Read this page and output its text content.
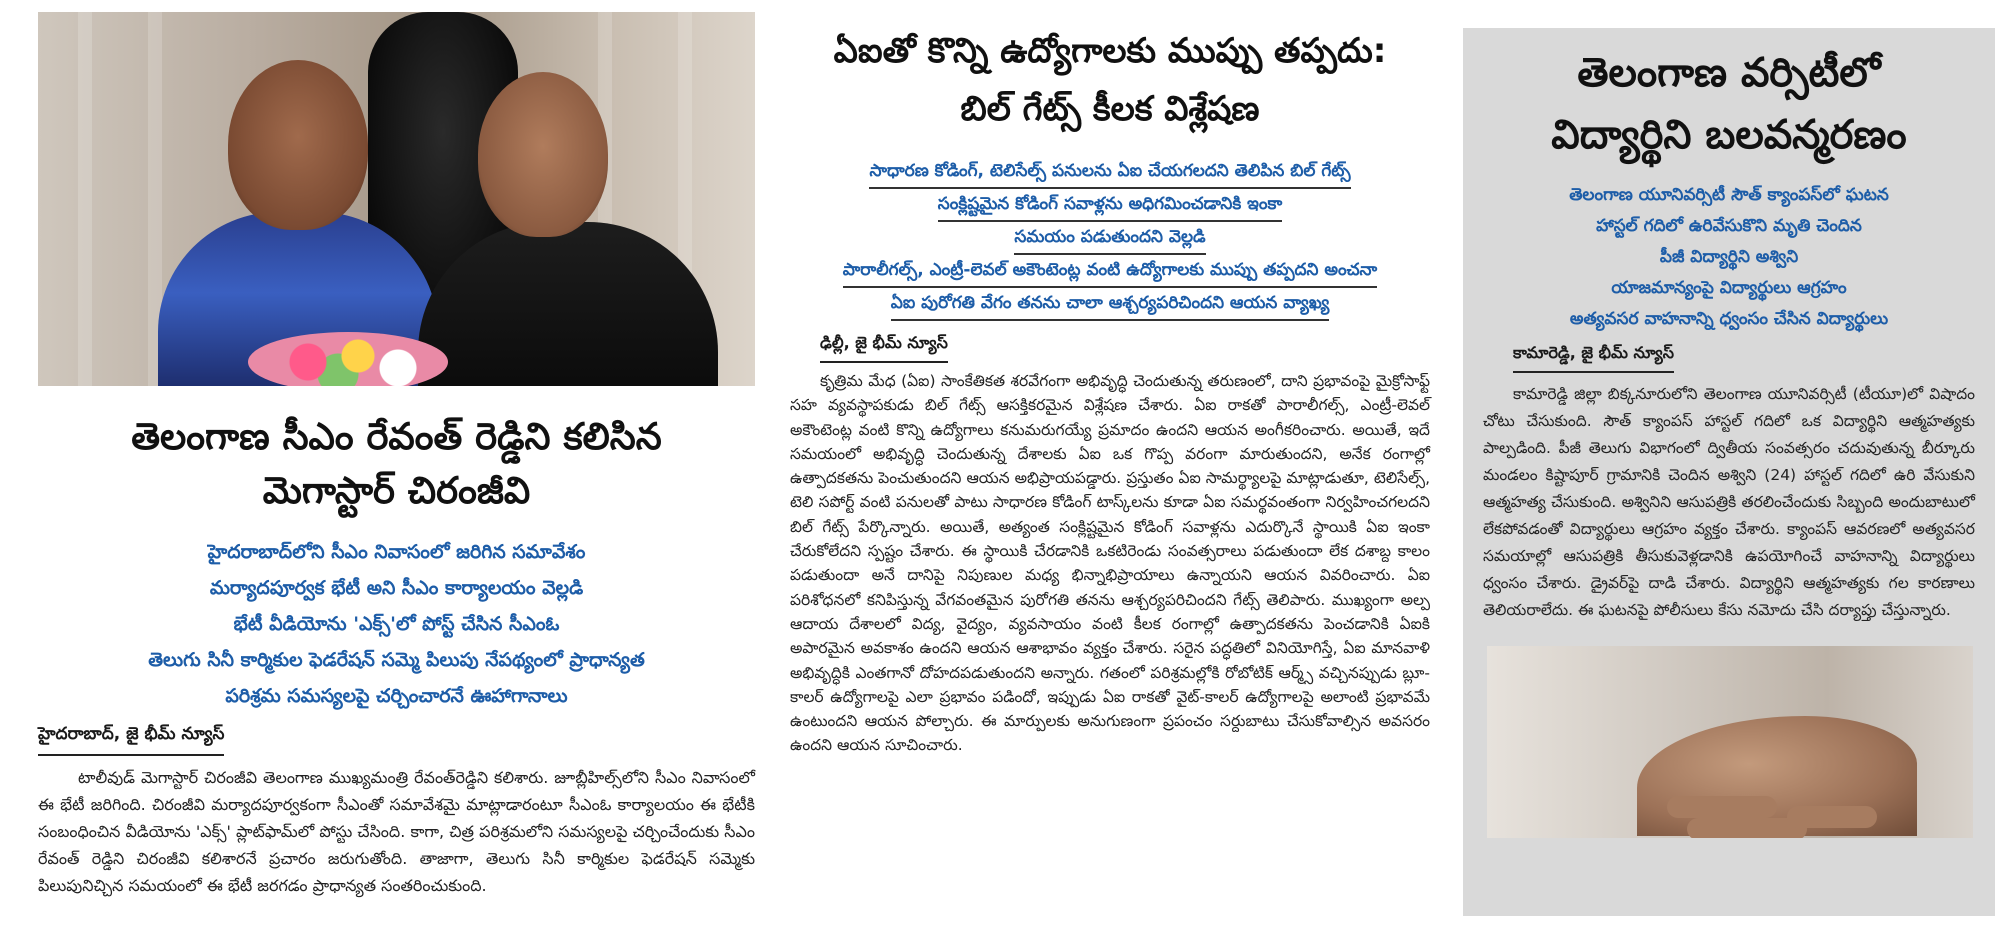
తెలంగాణ సీఎం రేవంత్ రెడ్డిని కలిసిన
మెగాస్టార్ చిరంజీవి
హైదరాబాద్‌లోని సీఎం నివాసంలో జరిగిన సమావేశం
మర్యాదపూర్వక భేటీ అని సీఎం కార్యాలయం వెల్లడి
భేటీ వీడియోను 'ఎక్స్'లో పోస్ట్ చేసిన సీఎంఓ
తెలుగు సినీ కార్మికుల ఫెడరేషన్ సమ్మె పిలుపు నేపథ్యంలో ప్రాధాన్యత
పరిశ్రమ సమస్యలపై చర్చించారనే ఊహాగానాలు
హైదరాబాద్, జై భీమ్ న్యూస్

టాలీవుడ్ మెగాస్టార్ చిరంజీవి తెలంగాణ ముఖ్యమంత్రి రేవంత్‌రెడ్డిని కలిశారు. జూబ్లీహిల్స్‌లోని సీఎం నివాసంలో ఈ భేటీ జరిగింది. చిరంజీవి మర్యాదపూర్వకంగా సీఎంతో సమావేశమై మాట్లాడారంటూ సీఎంఓ కార్యాలయం ఈ భేటీకి సంబంధించిన వీడియోను 'ఎక్స్' ప్లాట్‌ఫామ్‌లో పోస్టు చేసింది. కాగా, చిత్ర పరిశ్రమలోని సమస్యలపై చర్చించేందుకు సీఎం రేవంత్ రెడ్డిని చిరంజీవి కలిశారనే ప్రచారం జరుగుతోంది. తాజాగా, తెలుగు సినీ కార్మికుల ఫెడరేషన్ సమ్మెకు పిలుపునిచ్చిన సమయంలో ఈ భేటీ జరగడం ప్రాధాన్యత సంతరించుకుంది.

ఏఐతో కొన్ని ఉద్యోగాలకు ముప్పు తప్పదు:
బిల్ గేట్స్ కీలక విశ్లేషణ
సాధారణ కోడింగ్, టెలిసేల్స్ పనులను ఏఐ చేయగలదని తెలిపిన బిల్ గేట్స్
సంక్లిష్టమైన కోడింగ్ సవాళ్లను అధిగమించడానికి ఇంకా
సమయం పడుతుందని వెల్లడి
పారాలీగల్స్, ఎంట్రీ-లెవల్ అకౌంటెంట్ల వంటి ఉద్యోగాలకు ముప్పు తప్పదని అంచనా
ఏఐ పురోగతి వేగం తనను చాలా ఆశ్చర్యపరిచిందని ఆయన వ్యాఖ్య
ఢిల్లీ, జై భీమ్ న్యూస్

కృత్రిమ మేధ (ఏఐ) సాంకేతికత శరవేగంగా అభివృద్ధి చెందుతున్న తరుణంలో, దాని ప్రభావంపై మైక్రోసాఫ్ట్ సహ వ్యవస్థాపకుడు బిల్ గేట్స్ ఆసక్తికరమైన విశ్లేషణ చేశారు. ఏఐ రాకతో పారాలీగల్స్, ఎంట్రీ-లెవల్ అకౌంటెంట్ల వంటి కొన్ని ఉద్యోగాలు కనుమరుగయ్యే ప్రమాదం ఉందని ఆయన అంగీకరించారు. అయితే, ఇదే సమయంలో అభివృద్ధి చెందుతున్న దేశాలకు ఏఐ ఒక గొప్ప వరంగా మారుతుందని, అనేక రంగాల్లో ఉత్పాదకతను పెంచుతుందని ఆయన అభిప్రాయపడ్డారు. ప్రస్తుతం ఏఐ సామర్థ్యాలపై మాట్లాడుతూ, టెలిసేల్స్, టెలి సపోర్ట్ వంటి పనులతో పాటు సాధారణ కోడింగ్ టాస్క్‌లను కూడా ఏఐ సమర్థవంతంగా నిర్వహించగలదని బిల్ గేట్స్ పేర్కొన్నారు. అయితే, అత్యంత సంక్లిష్టమైన కోడింగ్ సవాళ్లను ఎదుర్కొనే స్థాయికి ఏఐ ఇంకా చేరుకోలేదని స్పష్టం చేశారు. ఈ స్థాయికి చేరడానికి ఒకటిరెండు సంవత్సరాలు పడుతుందా లేక దశాబ్ద కాలం పడుతుందా అనే దానిపై నిపుణుల మధ్య భిన్నాభిప్రాయాలు ఉన్నాయని ఆయన వివరించారు. ఏఐ పరిశోధనలో కనిపిస్తున్న వేగవంతమైన పురోగతి తనను ఆశ్చర్యపరిచిందని గేట్స్ తెలిపారు. ముఖ్యంగా అల్ప ఆదాయ దేశాలలో విద్య, వైద్యం, వ్యవసాయం వంటి కీలక రంగాల్లో ఉత్పాదకతను పెంచడానికి ఏఐకి అపారమైన అవకాశం ఉందని ఆయన ఆశాభావం వ్యక్తం చేశారు. సరైన పద్ధతిలో వినియోగిస్తే, ఏఐ మానవాళి అభివృద్ధికి ఎంతగానో దోహదపడుతుందని అన్నారు. గతంలో పరిశ్రమల్లోకి రోబోటిక్ ఆర్మ్స్ వచ్చినప్పుడు బ్లూ-కాలర్ ఉద్యోగాలపై ఎలా ప్రభావం పడిందో, ఇప్పుడు ఏఐ రాకతో వైట్-కాలర్ ఉద్యోగాలపై అలాంటి ప్రభావమే ఉంటుందని ఆయన పోల్చారు. ఈ మార్పులకు అనుగుణంగా ప్రపంచం సర్దుబాటు చేసుకోవాల్సిన అవసరం ఉందని ఆయన సూచించారు.

తెలంగాణ వర్సిటీలో
విద్యార్థిని బలవన్మరణం
తెలంగాణ యూనివర్సిటీ సౌత్ క్యాంపస్‌లో ఘటన
హాస్టల్ గదిలో ఉరివేసుకొని మృతి చెందిన
పీజీ విద్యార్థిని అశ్విని
యాజమాన్యంపై విద్యార్థులు ఆగ్రహం
అత్యవసర వాహనాన్ని ధ్వంసం చేసిన విద్యార్థులు
కామారెడ్డి, జై భీమ్ న్యూస్

కామారెడ్డి జిల్లా బిక్కనూరులోని తెలంగాణ యూనివర్సిటీ (టీయూ)లో విషాదం చోటు చేసుకుంది. సౌత్ క్యాంపస్ హాస్టల్ గదిలో ఒక విద్యార్థిని ఆత్మహత్యకు పాల్పడింది. పీజీ తెలుగు విభాగంలో ద్వితీయ సంవత్సరం చదువుతున్న బీర్కూరు మండలం కిష్టాపూర్ గ్రామానికి చెందిన అశ్విని (24) హాస్టల్ గదిలో ఉరి వేసుకుని ఆత్మహత్య చేసుకుంది. అశ్వినిని ఆసుపత్రికి తరలించేందుకు సిబ్బంది అందుబాటులో లేకపోవడంతో విద్యార్థులు ఆగ్రహం వ్యక్తం చేశారు. క్యాంపస్ ఆవరణలో అత్యవసర సమయాల్లో ఆసుపత్రికి తీసుకువెళ్లడానికి ఉపయోగించే వాహనాన్ని విద్యార్థులు ధ్వంసం చేశారు. డ్రైవర్‌పై దాడి చేశారు. విద్యార్థిని ఆత్మహత్యకు గల కారణాలు తెలియరాలేదు. ఈ ఘటనపై పోలీసులు కేసు నమోదు చేసి దర్యాప్తు చేస్తున్నారు.
